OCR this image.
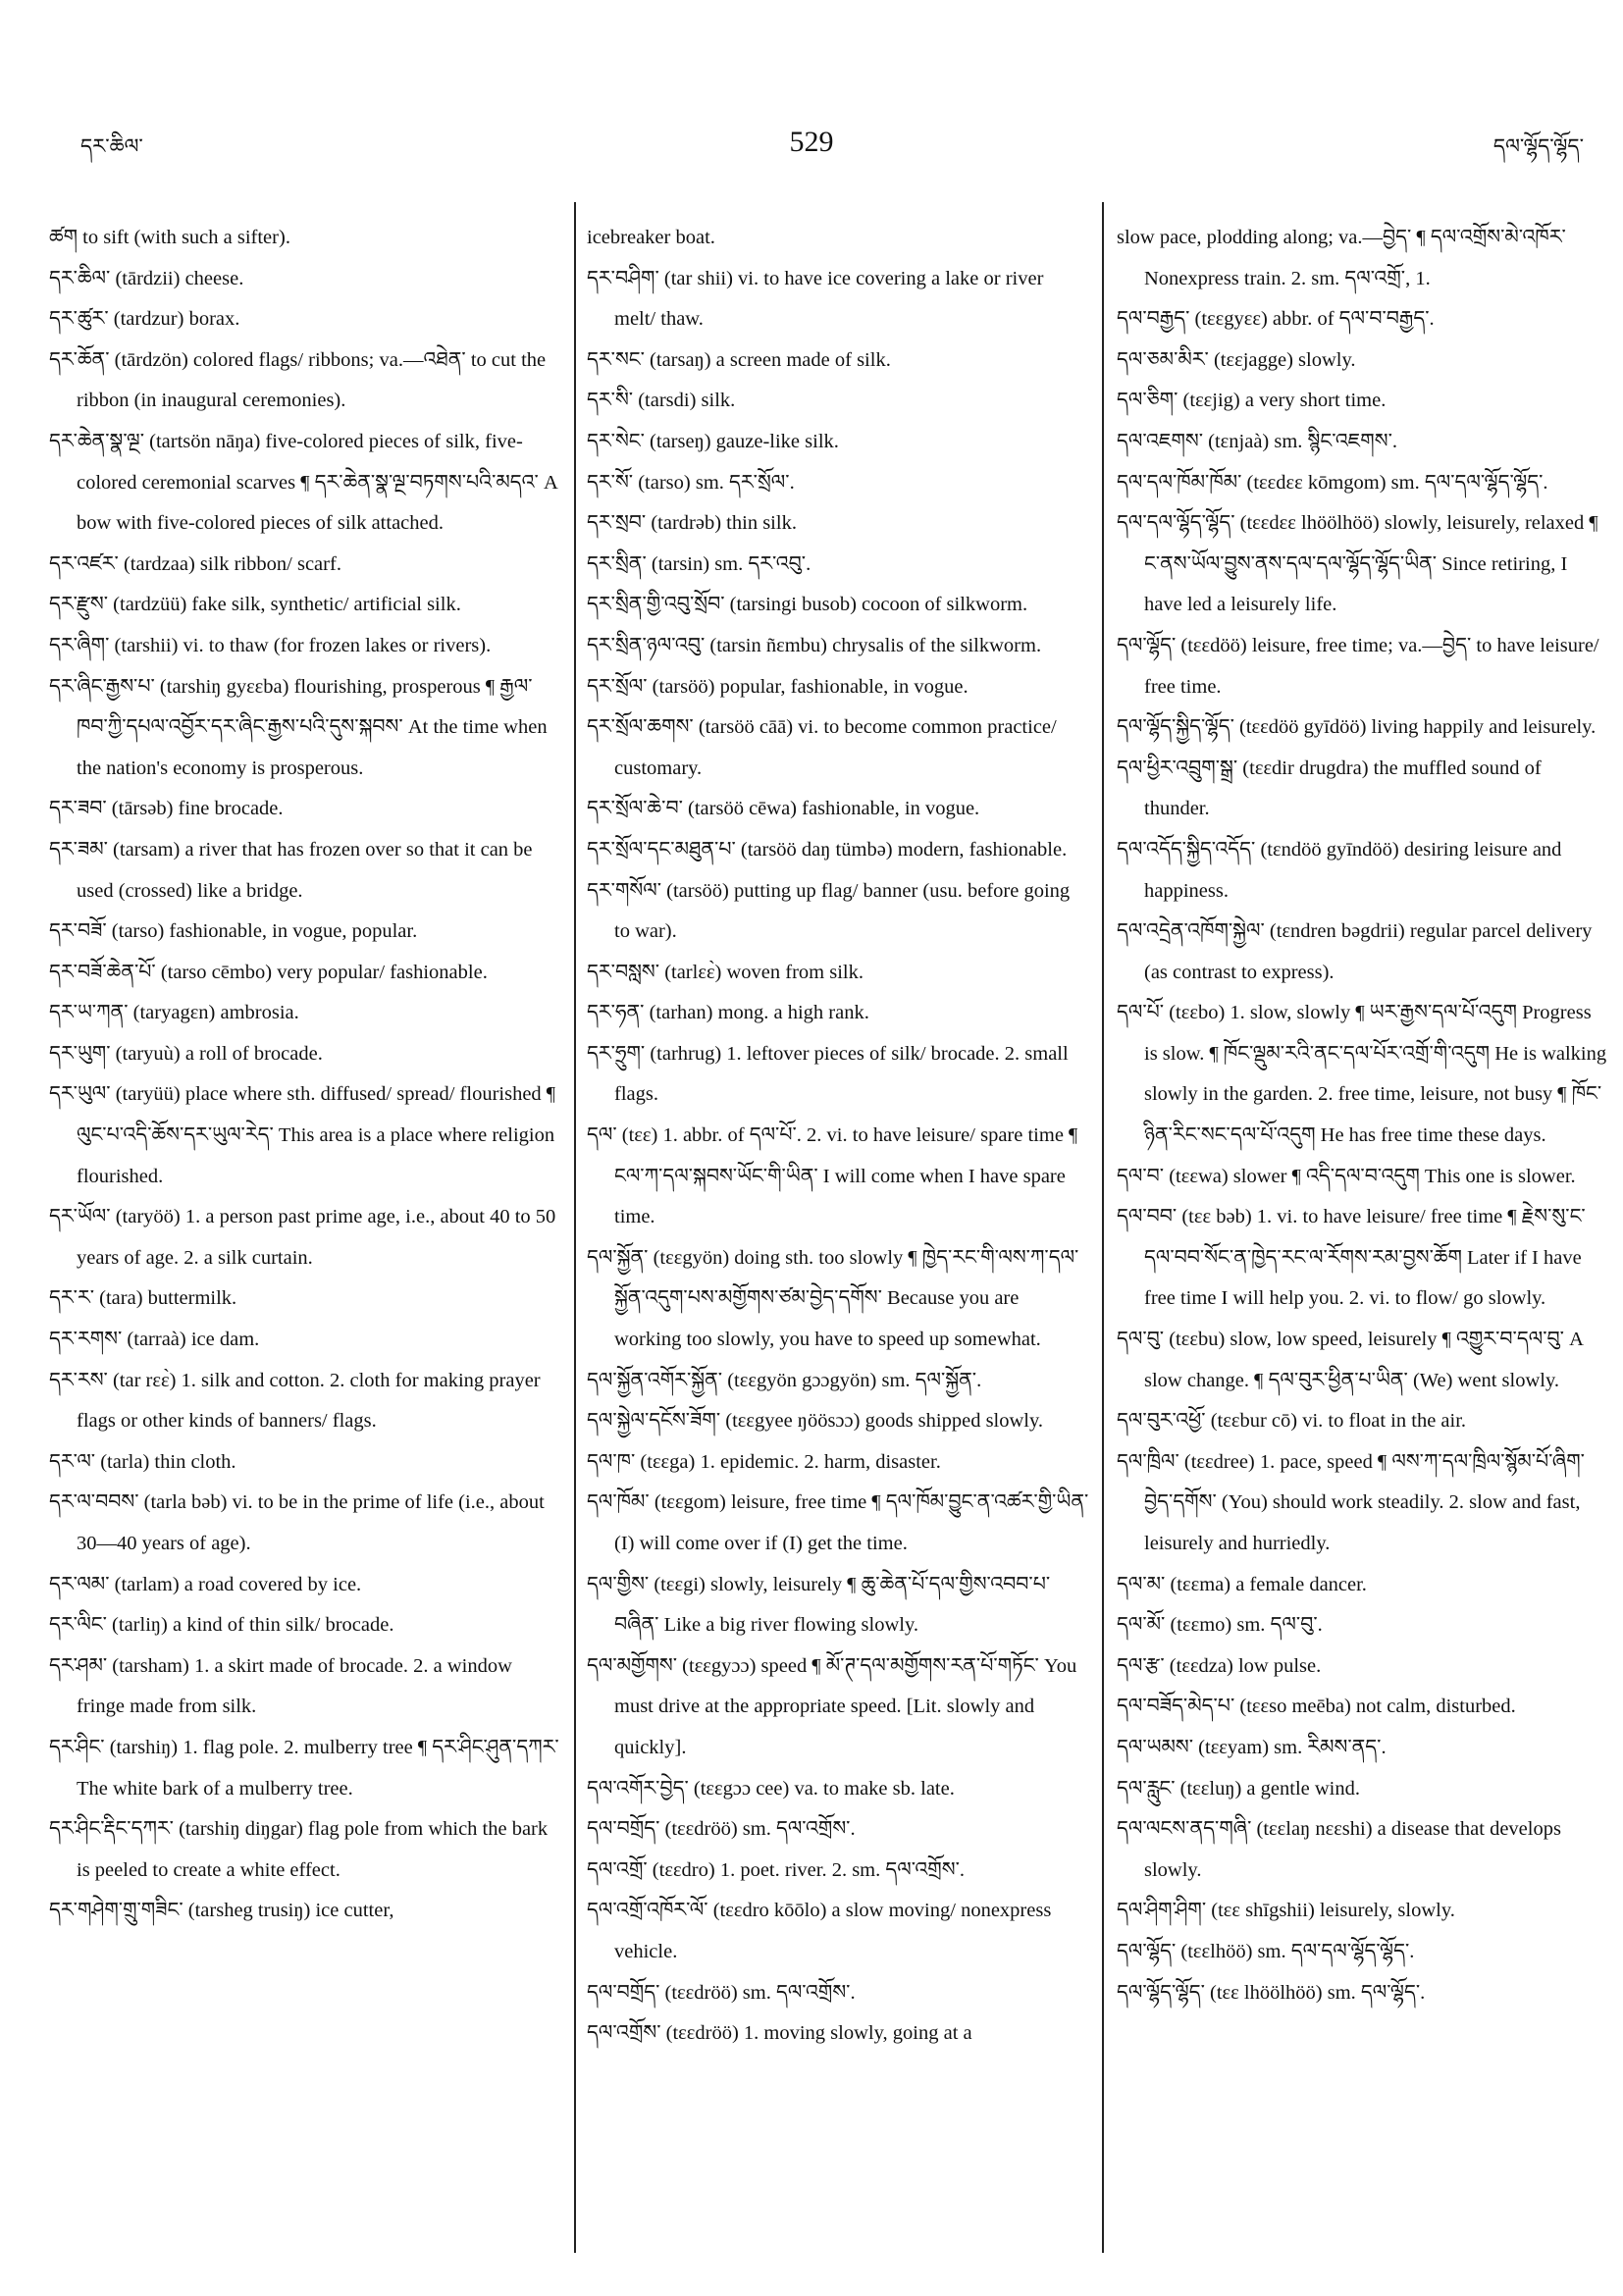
དར་ཆིལ་	529	དལ་ལྷོད་ལྷོད་
ཚག to sift (with such a sifter).
དར་ཆིལ་ (tārdzii) cheese.
དར་ཚུར་ (tardzur) borax.
དར་ཆོན་ (tārdzön) colored flags/ ribbons; va.—འཐེན་ to cut the ribbon (in inaugural ceremonies).
དར་ཆེན་སྣ་ལྔ་ (tartsön nāŋa) five-colored pieces of silk, five-colored ceremonial scarves ¶ དར་ཆེན་སྣ་ལྔ་བཏགས་པའི་མདའ་ A bow with five-colored pieces of silk attached.
དར་འཛར་ (tardzaa) silk ribbon/ scarf.
དར་རྫུས་ (tardzüü) fake silk, synthetic/ artificial silk.
དར་ཞིག་ (tarshii) vi. to thaw (for frozen lakes or rivers).
དར་ཞིང་རྒྱས་པ་ (tarshiŋ gyɛɛba) flourishing, prosperous ¶ རྒྱལ་ཁབ་ཀྱི་དཔལ་འབྱོར་དར་ཞིང་རྒྱས་པའི་དུས་སྐབས་ At the time when the nation's economy is prosperous.
དར་ཟབ་ (tārsəb) fine brocade.
དར་ཟམ་ (tarsam) a river that has frozen over so that it can be used (crossed) like a bridge.
དར་བཟོ་ (tarso) fashionable, in vogue, popular.
དར་བཟོ་ཆེན་པོ་ (tarso cēmbo) very popular/ fashionable.
དར་ཡ་ཀན་ (taryagɛn) ambrosia.
དར་ཡུག་ (taryuù) a roll of brocade.
དར་ཡུལ་ (taryüü) place where sth. diffused/ spread/ flourished ¶ ལུང་པ་འདི་ཆོས་དར་ཡུལ་རེད་ This area is a place where religion flourished.
དར་ཡོལ་ (taryöö) 1. a person past prime age, i.e., about 40 to 50 years of age. 2. a silk curtain.
དར་ར་ (tara) buttermilk.
དར་རགས་ (tarraà) ice dam.
དར་རས་ (tar rɛɛ̀) 1. silk and cotton. 2. cloth for making prayer flags or other kinds of banners/ flags.
དར་ལ་ (tarla) thin cloth.
དར་ལ་བབས་ (tarla bəb) vi. to be in the prime of life (i.e., about 30—40 years of age).
དར་ལམ་ (tarlam) a road covered by ice.
དར་ལིང་ (tarliŋ) a kind of thin silk/ brocade.
དར་ཤམ་ (tarsham) 1. a skirt made of brocade. 2. a window fringe made from silk.
དར་ཤིང་ (tarshiŋ) 1. flag pole. 2. mulberry tree ¶ དར་ཤིང་ཤུན་དཀར་ The white bark of a mulberry tree.
དར་ཤིང་རྡིང་དཀར་ (tarshiŋ diŋgar) flag pole from which the bark is peeled to create a white effect.
དར་གཤེག་གྲུ་གཟིང་ (tarsheg trusiŋ) ice cutter,
icebreaker boat.
དར་བཤིག་ (tar shii) vi. to have ice covering a lake or river melt/ thaw.
དར་སང་ (tarsaŋ) a screen made of silk.
དར་སི་ (tarsdi) silk.
དར་སེང་ (tarseŋ) gauze-like silk.
དར་སོ་ (tarso) sm. དར་སྲོལ་.
དར་སྲབ་ (tardrəb) thin silk.
དར་སྲིན་ (tarsin) sm. དར་འབུ་.
དར་སྲིན་གྱི་འབུ་སྲོབ་ (tarsingi busob) cocoon of silkworm.
དར་སྲིན་ཉལ་འབུ་ (tarsin ñɛmbu) chrysalis of the silkworm.
དར་སྲོལ་ (tarsöö) popular, fashionable, in vogue.
དར་སྲོལ་ཆགས་ (tarsöö cāā) vi. to become common practice/ customary.
དར་སྲོལ་ཆེ་བ་ (tarsöö cēwa) fashionable, in vogue.
དར་སྲོལ་དང་མཐུན་པ་ (tarsöö daŋ tümbə) modern, fashionable.
དར་གསོལ་ (tarsöö) putting up flag/ banner (usu. before going to war).
དར་བསླས་ (tarlɛɛ̀) woven from silk.
དར་ཧན་ (tarhan) mong. a high rank.
དར་ཧྲུག་ (tarhrug) 1. leftover pieces of silk/ brocade. 2. small flags.
དལ་ (tɛɛ) 1. abbr. of དལ་པོ་. 2. vi. to have leisure/ spare time ¶ ངལ་ཀ་དལ་སྐབས་ཡོང་གི་ཡིན་ I will come when I have spare time.
དལ་སྐྱོན་ (tɛɛgyön) doing sth. too slowly ¶ ཁྱེད་རང་གི་ལས་ཀ་དལ་སྐྱོན་འདུག་པས་མགྱོགས་ཙམ་བྱེད་དགོས་ Because you are working too slowly, you have to speed up somewhat.
དལ་སྐྱོན་འགོར་སྐྱོན་ (tɛɛgyön gɔɔgyön) sm. དལ་སྐྱོན་.
དལ་སྐྱེལ་དངོས་ཟོག་ (tɛɛgyee ŋöösɔɔ) goods shipped slowly.
དལ་ཁ་ (tɛɛga) 1. epidemic. 2. harm, disaster.
དལ་ཁོམ་ (tɛɛgom) leisure, free time ¶ དལ་ཁོམ་བྱུང་ན་འཚར་གྱི་ཡིན་ (I) will come over if (I) get the time.
དལ་གྱིས་ (tɛɛgi) slowly, leisurely ¶ ཆུ་ཆེན་པོ་དལ་གྱིས་འབབ་པ་བཞིན་ Like a big river flowing slowly.
དལ་མགྱོགས་ (tɛɛgyɔɔ) speed ¶ མོ་ཊ་དལ་མགྱོགས་རན་པོ་གཏོང་ You must drive at the appropriate speed. [Lit. slowly and quickly].
དལ་འགོར་བྱེད་ (tɛɛgɔɔ cee) va. to make sb. late.
དལ་བགྲོད་ (tɛɛdröö) sm. དལ་འགྲོས་.
དལ་འགྲོ་ (tɛɛdro) 1. poet. river. 2. sm. དལ་འགྲོས་.
དལ་འགྲོ་འཁོར་ལོ་ (tɛɛdro kōōlo) a slow moving/ nonexpress vehicle.
དལ་བགྲོད་ (tɛɛdröö) sm. དལ་འགྲོས་.
དལ་འགྲོས་ (tɛɛdröö) 1. moving slowly, going at a
slow pace, plodding along; va.—བྱེད་ ¶ དལ་འགྲོས་མེ་འཁོར་ Nonexpress train. 2. sm. དལ་འགྲོ་, 1.
དལ་བརྒྱད་ (tɛɛgyɛɛ) abbr. of དལ་བ་བརྒྱད་.
དལ་ཅམ་མིར་ (tɛɛjagge) slowly.
དལ་ཅིག་ (tɛɛjig) a very short time.
དལ་འཇགས་ (tɛnjaà) sm. སྙིང་འཇགས་.
དལ་དལ་ཁོམ་ཁོམ་ (tɛɛdɛɛ kōmgom) sm. དལ་དལ་ལྷོད་ལྷོད་.
དལ་དལ་ལྷོད་ལྷོད་ (tɛɛdɛɛ lhöölhöö) slowly, leisurely, relaxed ¶ ང་ནས་ཡོལ་བྱུས་ནས་དལ་དལ་ལྷོད་ལྷོད་ཡིན་ Since retiring, I have led a leisurely life.
དལ་ལྷོད་ (tɛɛdöö) leisure, free time; va.—བྱེད་ to have leisure/ free time.
དལ་ལྷོད་སྐྱིད་ལྷོད་ (tɛɛdöö gyīdöö) living happily and leisurely.
དལ་ཕྱིར་འབྲུག་སྒྲ་ (tɛɛdir drugdra) the muffled sound of thunder.
དལ་འདོད་སྐྱིད་འདོད་ (tɛndöö gyīndöö) desiring leisure and happiness.
དལ་འདྲེན་འཁོག་སྐྱེལ་ (tɛndren bəgdrii) regular parcel delivery (as contrast to express).
དལ་པོ་ (tɛɛbo) 1. slow, slowly ¶ ཡར་རྒྱས་དལ་པོ་འདུག Progress is slow. ¶ ཁོང་ལྡུམ་རའི་ནང་དལ་པོར་འགྲོ་གི་འདུག He is walking slowly in the garden. 2. free time, leisure, not busy ¶ ཁོང་ཉིན་རིང་སང་དལ་པོ་འདུག He has free time these days.
དལ་བ་ (tɛɛwa) slower ¶ འདི་དལ་བ་འདུག This one is slower.
དལ་བབ་ (tɛɛ bəb) 1. vi. to have leisure/ free time ¶ རྗེས་སུ་ང་དལ་བབ་སོང་ན་ཁྱེད་རང་ལ་རོགས་རམ་བྱས་ཆོག Later if I have free time I will help you. 2. vi. to flow/ go slowly.
དལ་བུ་ (tɛɛbu) slow, low speed, leisurely ¶ འགྱུར་བ་དལ་བུ་ A slow change. ¶ དལ་བུར་ཕྱིན་པ་ཡིན་ (We) went slowly.
དལ་བུར་འཕྱོ་ (tɛɛbur cō) vi. to float in the air.
དལ་ཁྲིལ་ (tɛɛdree) 1. pace, speed ¶ ལས་ཀ་དལ་ཁྲིལ་སྙོམ་པོ་ཞིག་བྱེད་དགོས་ (You) should work steadily. 2. slow and fast, leisurely and hurriedly.
དལ་མ་ (tɛɛma) a female dancer.
དལ་མོ་ (tɛɛmo) sm. དལ་བུ་.
དལ་རྩ་ (tɛɛdza) low pulse.
དལ་བཟོད་མེད་པ་ (tɛɛso meēba) not calm, disturbed.
དལ་ཡམས་ (tɛɛyam) sm. རིམས་ནད་.
དལ་རླུང་ (tɛɛluŋ) a gentle wind.
དལ་ལངས་ནད་གཞི་ (tɛɛlaŋ nɛɛshi) a disease that develops slowly.
དལ་ཤིག་ཤིག་ (tɛɛ shīgshii) leisurely, slowly.
དལ་ལྷོད་ (tɛɛlhöö) sm. དལ་དལ་ལྷོད་ལྷོད་.
དལ་ལྷོད་ལྷོད་ (tɛɛ lhöölhöö) sm. དལ་ལྷོད་.
